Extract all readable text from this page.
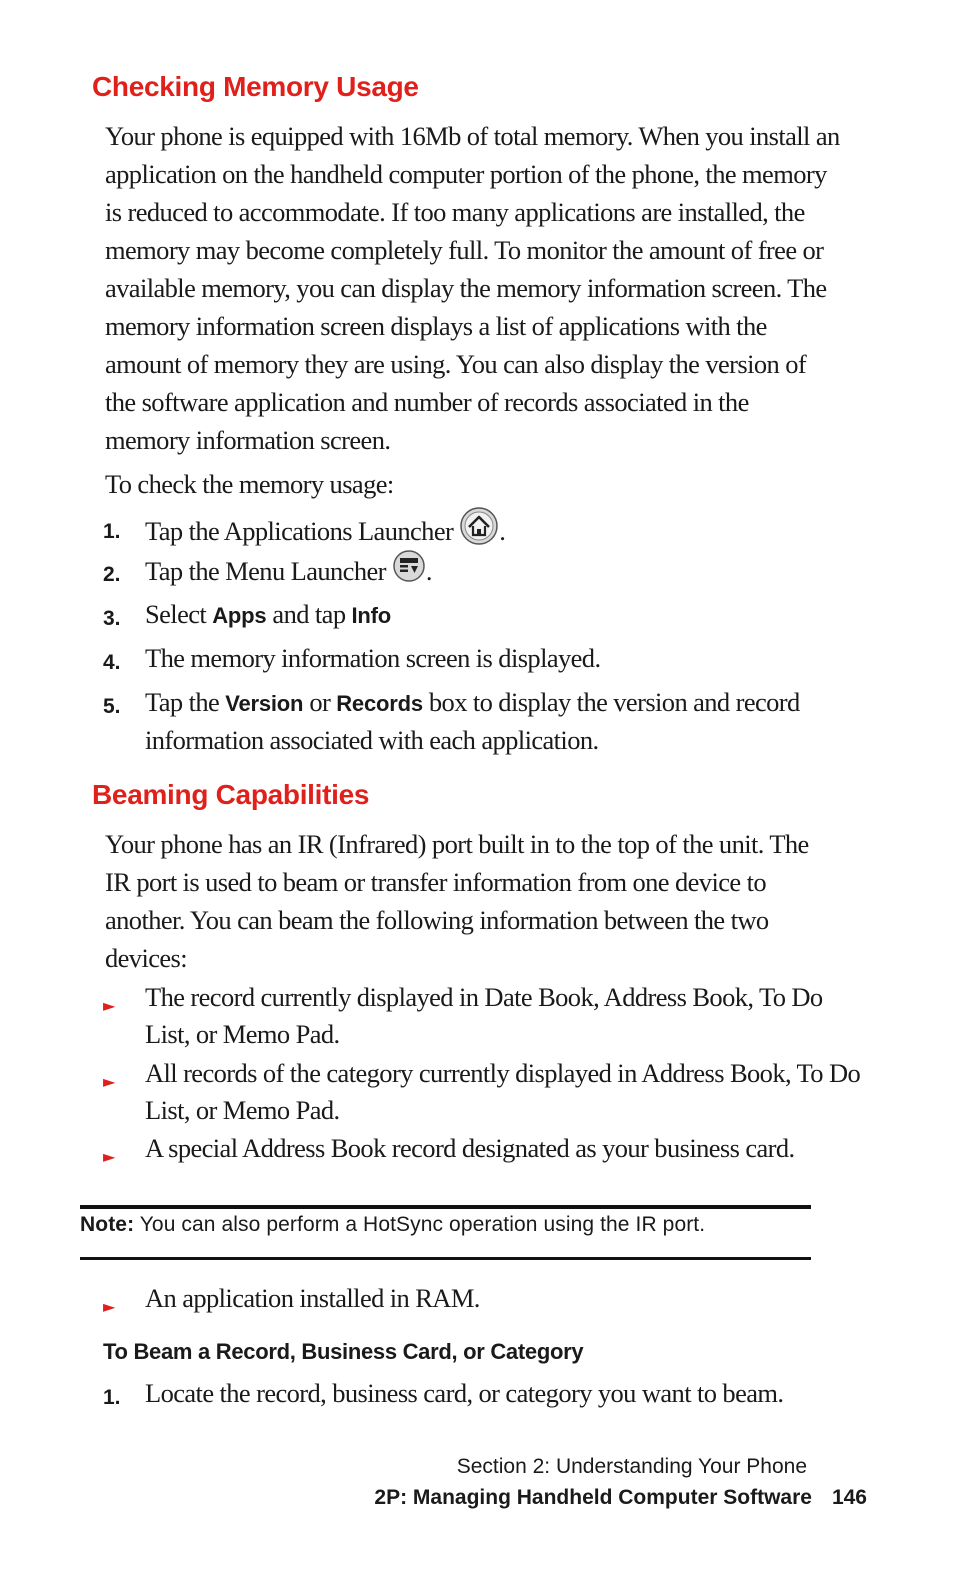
Checking Memory Usage
Your phone is equipped with 16Mb of total memory. When you install an
application on the handheld computer portion of the phone, the memory
is reduced to accommodate. If too many applications are installed, the
memory may become completely full. To monitor the amount of free or
available memory, you can display the memory information screen. The
memory information screen displays a list of applications with the
amount of memory they are using. You can also display the version of
the software application and number of records associated in the
memory information screen.
To check the memory usage:
1. Tap the Applications Launcher .
2. Tap the Menu Launcher .
3. Select Apps and tap Info
4. The memory information screen is displayed.
5. Tap the Version or Records box to display the version and record
information associated with each application.
Beaming Capabilities
Your phone has an IR (Infrared) port built in to the top of the unit. The
IR port is used to beam or transfer information from one device to
another. You can beam the following information between the two
devices:
► The record currently displayed in Date Book, Address Book, To Do
List, or Memo Pad.
► All records of the category currently displayed in Address Book, To Do
List, or Memo Pad.
► A special Address Book record designated as your business card.
Note: You can also perform a HotSync operation using the IR port.
► An application installed in RAM.
To Beam a Record, Business Card, or Category
1. Locate the record, business card, or category you want to beam.
Section 2: Understanding Your Phone
2P: Managing Handheld Computer Software 146
